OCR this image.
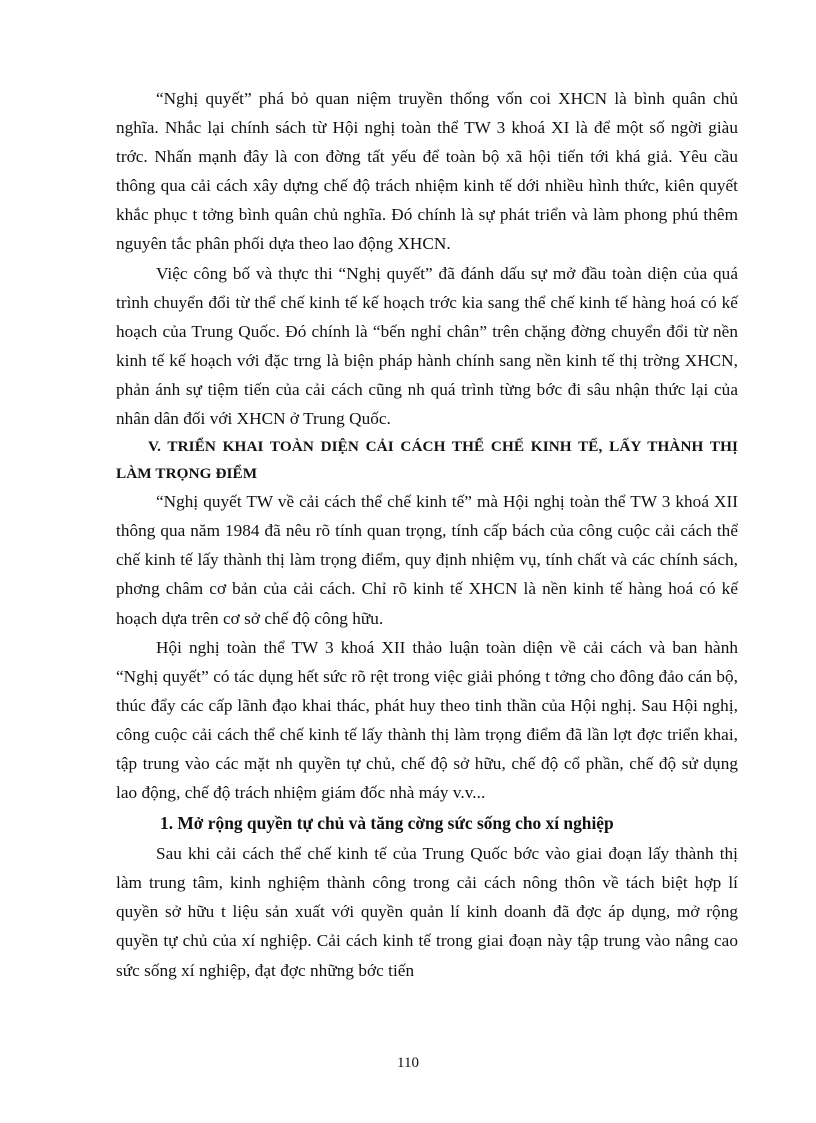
“Nghị quyết” phá bỏ quan niệm truyền thống vốn coi XHCN là bình quân chủ nghĩa. Nhắc lại chính sách từ Hội nghị toàn thể TW 3 khoá XI là để một số ngời giàu trớc. Nhấn mạnh đây là con đờng tất yếu để toàn bộ xã hội tiến tới khá giả. Yêu cầu thông qua cải cách xây dựng chế độ trách nhiệm kinh tế dới nhiều hình thức, kiên quyết khắc phục t tởng bình quân chủ nghĩa. Đó chính là sự phát triển và làm phong phú thêm nguyên tắc phân phối dựa theo lao động XHCN.

Việc công bố và thực thi “Nghị quyết” đã đánh dấu sự mở đầu toàn diện của quá trình chuyển đổi từ thể chế kinh tế kế hoạch trớc kia sang thể chế kinh tế hàng hoá có kế hoạch của Trung Quốc. Đó chính là “bến nghỉ chân” trên chặng đờng chuyển đổi từ nền kinh tế kế hoạch với đặc trng là biện pháp hành chính sang nền kinh tế thị trờng XHCN, phản ánh sự tiệm tiến của cải cách cũng nh quá trình từng bớc đi sâu nhận thức lại của nhân dân đối với XHCN ở Trung Quốc.

V. TRIỂN KHAI TOÀN DIỆN CẢI CÁCH THỂ CHẾ KINH TẾ, LẤY THÀNH THỊ LÀM TRỌNG ĐIỂM

“Nghị quyết TW về cải cách thể chế kinh tế” mà Hội nghị toàn thể TW 3 khoá XII thông qua năm 1984 đã nêu rõ tính quan trọng, tính cấp bách của công cuộc cải cách thể chế kinh tế lấy thành thị làm trọng điểm, quy định nhiệm vụ, tính chất và các chính sách, phơng châm cơ bản của cải cách. Chỉ rõ kinh tế XHCN là nền kinh tế hàng hoá có kế hoạch dựa trên cơ sở chế độ công hữu.

Hội nghị toàn thể TW 3 khoá XII thảo luận toàn diện về cải cách và ban hành “Nghị quyết” có tác dụng hết sức rõ rệt trong việc giải phóng t tởng cho đông đảo cán bộ, thúc đẩy các cấp lãnh đạo khai thác, phát huy theo tinh thần của Hội nghị. Sau Hội nghị, công cuộc cải cách thể chế kinh tế lấy thành thị làm trọng điểm đã lần lợt đợc triển khai, tập trung vào các mặt nh quyền tự chủ, chế độ sở hữu, chế độ cổ phần, chế độ sử dụng lao động, chế độ trách nhiệm giám đốc nhà máy v.v...

1. Mở rộng quyền tự chủ và tăng cờng sức sống cho xí nghiệp

Sau khi cải cách thể chế kinh tế của Trung Quốc bớc vào giai đoạn lấy thành thị làm trung tâm, kinh nghiệm thành công trong cải cách nông thôn về tách biệt hợp lí quyền sở hữu t liệu sản xuất với quyền quản lí kinh doanh đã đợc áp dụng, mở rộng quyền tự chủ của xí nghiệp. Cải cách kinh tế trong giai đoạn này tập trung vào nâng cao sức sống xí nghiệp, đạt đợc những bớc tiến

110
